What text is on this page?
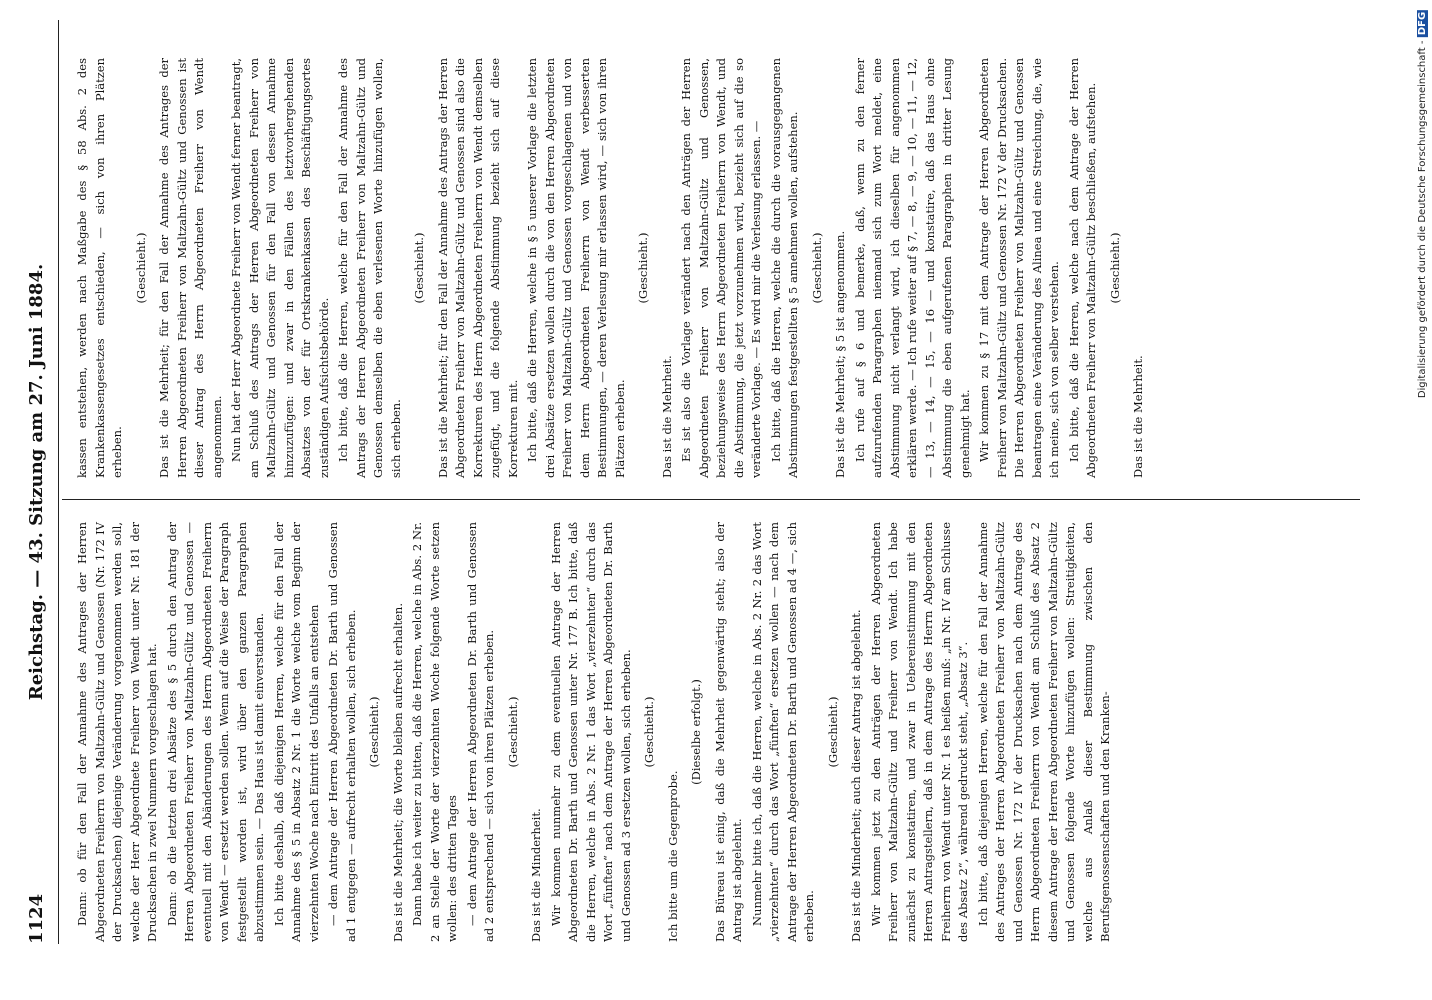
1124
Reichstag. — 43. Sitzung am 27. Juni 1884.

Dann: ob für den Fall der Annahme des Antrages der Herren Abgeordneten Freiherrn von Maltzahn-Gültz und Genossen (Nr. 172 IV der Drucksachen) diejenige Veränderung vorgenommen werden soll, welche der Herr Abgeordnete Freiherr von Wendt unter Nr. 181 der Drucksachen in zwei Nummern vorgeschlagen hat. Dann: ob die letzten drei Absätze des § 5 durch den Antrag der Herren Abgeordneten Freiherr von Maltzahn-Gültz und Genossen — eventuell mit den Abänderungen des Herrn Abgeordneten Freiherrn von Wendt — ersetzt werden sollen. Wenn auf die Weise der Paragraph festgestellt worden ist, wird über den ganzen Paragraphen abzustimmen sein. — Das Haus ist damit einverstanden. Ich bitte deshalb, daß diejenigen Herren, welche für den Fall der Annahme des § 5 in Absatz 2 Nr. 1 die Worte welche vom Beginn der vierzehnten Woche nach Eintritt des Unfalls an entstehen — dem Antrage der Herren Abgeordneten Dr. Barth und Genossen ad 1 entgegen — aufrecht erhalten wollen, sich erheben. (Geschieht.) Das ist die Mehrheit; die Worte bleiben aufrecht erhalten. Dann habe ich weiter zu bitten, daß die Herren, welche in Abs. 2 Nr. 2 an Stelle der Worte der vierzehnten Woche folgende Worte setzen wollen: des dritten Tages — dem Antrage der Herren Abgeordneten Dr. Barth und Genossen ad 2 entsprechend — sich von ihren Plätzen erheben. (Geschieht.)

Das ist die Minderheit. Wir kommen nunmehr zu dem eventuellen Antrage der Herren Abgeordneten Dr. Barth und Genossen unter Nr. 177 B. Ich bitte, daß die Herren, welche in Abs. 2 Nr. 1 das Wort „vierzehnten“ durch das Wort „fünften“ nach dem Antrage der Herren Abgeordneten Dr. Barth und Genossen ad 3 ersetzen wollen, sich erheben. (Geschieht.)

Ich bitte um die Gegenprobe.

(Dieselbe erfolgt.) Das Büreau ist einig, daß die Mehrheit gegenwärtig steht; also der Antrag ist abgelehnt. Nunmehr bitte ich, daß die Herren, welche in Abs. 2 Nr. 2 das Wort „vierzehnten“ durch das Wort „fünften“ ersetzen wollen — nach dem Antrage der Herren Abgeordneten Dr. Barth und Genossen ad 4 —, sich erheben.

(Geschieht.) Das ist die Minderheit; auch dieser Antrag ist abgelehnt. Wir kommen jetzt zu den Anträgen der Herren Abgeordneten Freiherr von Maltzahn-Gültz und Freiherr von Wendt. Ich habe zunächst zu konstatiren, und zwar in Uebereinstimmung mit den Herren Antragstellern, daß in dem Antrage des Herrn Abgeordneten Freiherrn von Wendt unter Nr. 1 es heißen muß: „in Nr. IV am Schlusse des Absatz 2“, während gedruckt steht, „Absatz 3“. Ich bitte, daß diejenigen Herren, welche für den Fall der Annahme des Antrages der Herren Abgeordneten Freiherr von Maltzahn-Gültz und Genossen Nr. 172 IV der Drucksachen nach dem Antrage des Herrn Abgeordneten Freiherrn von Wendt am Schluß des Absatz 2 diesem Antrage der Herren Abgeordneten Freiherr von Maltzahn-Gültz und Genossen folgende Worte hinzufügen wollen: Streitigkeiten, welche aus Anlaß dieser Bestimmung zwischen den Berufsgenossenschaften und den Kranken-

kassen entstehen, werden nach Maßgabe des § 58 Abs. 2 des Krankenkassengesetzes entschieden, — sich von ihren Plätzen erheben.

(Geschieht.) Das ist die Mehrheit; für den Fall der Annahme des Antrages der Herren Abgeordneten Freiherr von Maltzahn-Gültz und Genossen ist dieser Antrag des Herrn Abgeordneten Freiherr von Wendt angenommen. Nun hat der Herr Abgeordnete Freiherr von Wendt ferner beantragt, am Schluß des Antrags der Herren Abgeordneten Freiherr von Maltzahn-Gültz und Genossen für den Fall von dessen Annahme hinzuzufügen: und zwar in den Fällen des letztvorhergehenden Absatzes von der für Ortskrankenkassen des Beschäftigungsortes zuständigen Aufsichtsbehörde. Ich bitte, daß die Herren, welche für den Fall der Annahme des Antrags der Herren Abgeordneten Freiherr von Maltzahn-Gültz und Genossen demselben die eben verlesenen Worte hinzufügen wollen, sich erheben.

(Geschieht.) Das ist die Mehrheit; für den Fall der Annahme des Antrags der Herren Abgeordneten Freiherr von Maltzahn-Gültz und Genossen sind also die Korrekturen des Herrn Abgeordneten Freiherrn von Wendt demselben zugefügt, und die folgende Abstimmung bezieht sich auf diese Korrekturen mit. Ich bitte, daß die Herren, welche in § 5 unserer Vorlage die letzten drei Absätze ersetzen wollen durch die von den Herren Abgeordneten Freiherr von Maltzahn-Gültz und Genossen vorgeschlagenen und von dem Herrn Abgeordneten Freiherrn von Wendt verbesserten Bestimmungen, — deren Verlesung mir erlassen wird, — sich von ihren Plätzen erheben.

(Geschieht.)

Das ist die Mehrheit. Es ist also die Vorlage verändert nach den Anträgen der Herren Abgeordneten Freiherr von Maltzahn-Gültz und Genossen, beziehungsweise des Herrn Abgeordneten Freiherrn von Wendt, und die Abstimmung, die jetzt vorzunehmen wird, bezieht sich auf die so veränderte Vorlage. — Es wird mir die Verlesung erlassen. — Ich bitte, daß die Herren, welche die durch die vorausgegangenen Abstimmungen festgestellten § 5 annehmen wollen, aufstehen. (Geschieht.) Das ist die Mehrheit; § 5 ist angenommen. Ich rufe auf § 6 und bemerke, daß, wenn zu den ferner aufzurufenden Paragraphen niemand sich zum Wort meldet, eine Abstimmung nicht verlangt wird, ich dieselben für angenommen erklären werde. — Ich rufe weiter auf § 7, — 8, — 9, — 10, — 11, — 12, — 13, — 14, — 15, — 16 — und konstatire, daß das Haus ohne Abstimmung die eben aufgerufenen Paragraphen in dritter Lesung genehmigt hat. Wir kommen zu § 17 mit dem Antrage der Herren Abgeordneten Freiherr von Maltzahn-Gültz und Genossen Nr. 172 V der Drucksachen. Die Herren Abgeordneten Freiherr von Maltzahn-Gültz und Genossen beantragen eine Veränderung des Alinea und eine Streichung, die, wie ich meine, sich von selber verstehen. Ich bitte, daß die Herren, welche nach dem Antrage der Herren Abgeordneten Freiherr von Maltzahn-Gültz beschließen, aufstehen. (Geschieht.)

Das ist die Mehrheit.

Digitalisierung gefördert durch die Deutsche Forschungsgemeinschaft - DFG
